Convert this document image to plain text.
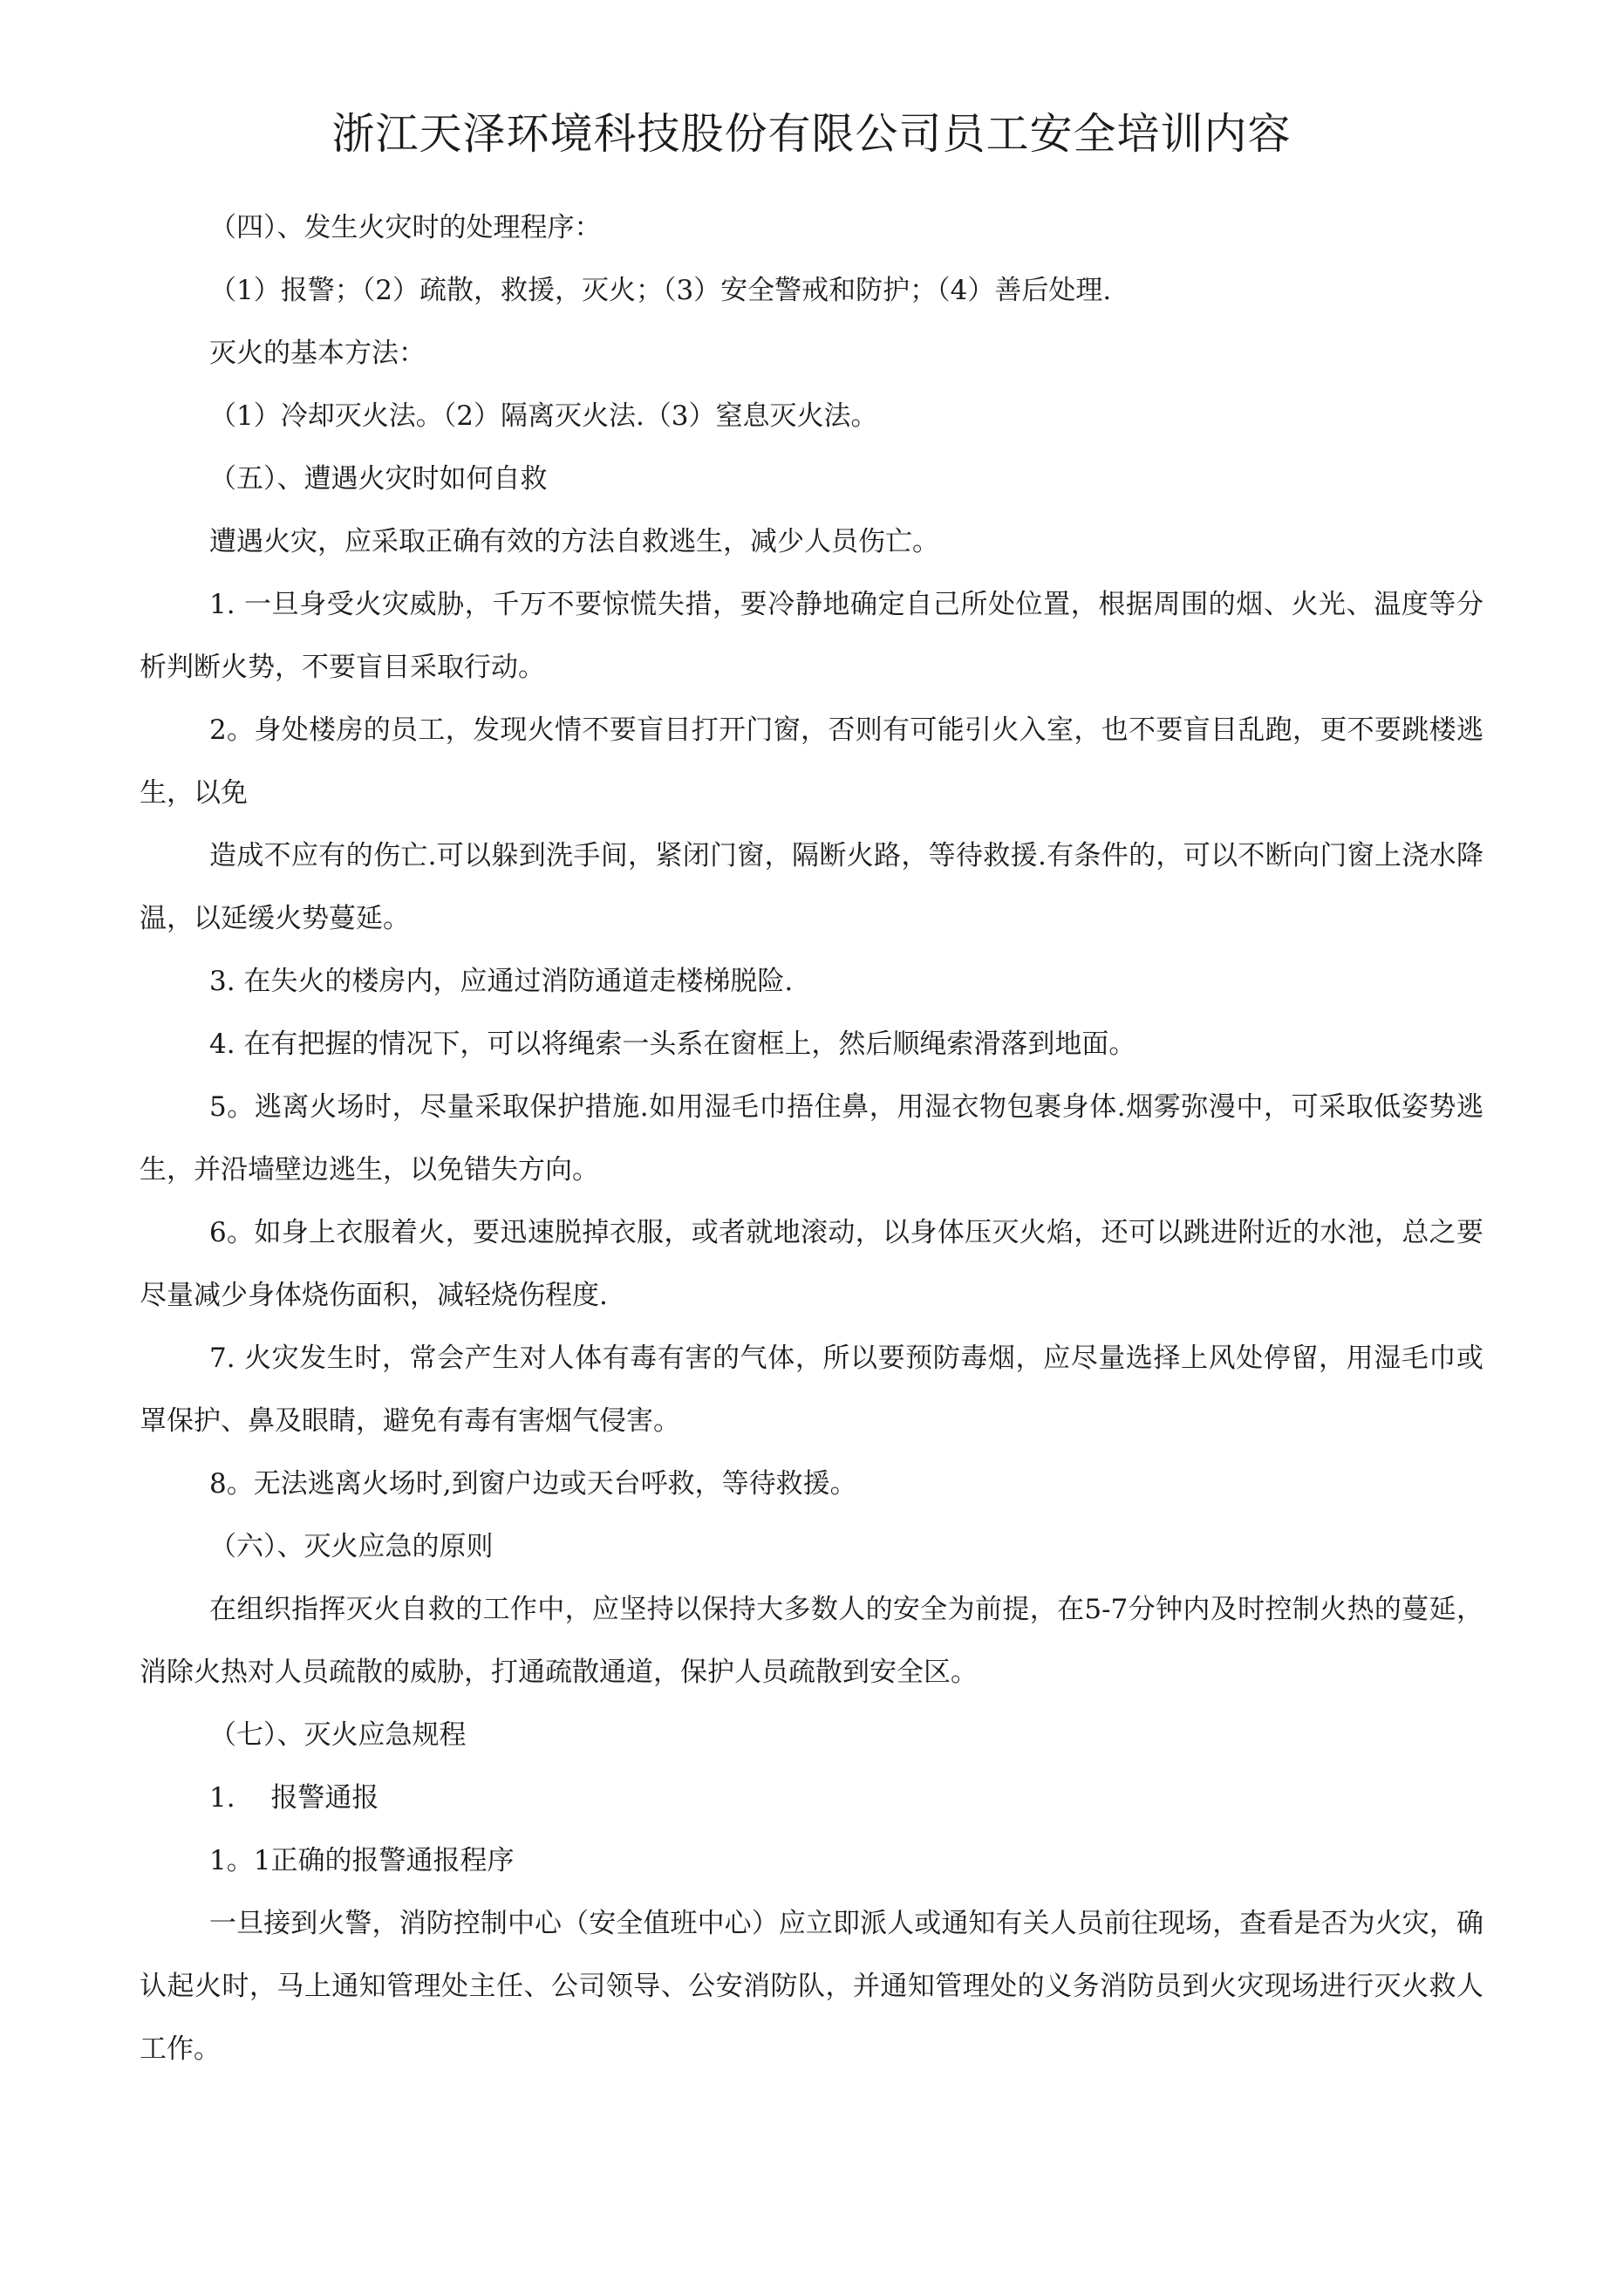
浙江天泽环境科技股份有限公司员工安全培训内容

（四）、发生火灾时的处理程序：

（1）报警；（2）疏散，救援，灭火；（3）安全警戒和防护；（4）善后处理.

灭火的基本方法：

（1）冷却灭火法。（2）隔离灭火法.（3）窒息灭火法。

（五）、遭遇火灾时如何自救

遭遇火灾，应采取正确有效的方法自救逃生，减少人员伤亡。

1. 一旦身受火灾威胁，千万不要惊慌失措，要冷静地确定自己所处位置，根据周围的烟、火光、温度等分析判断火势，不要盲目采取行动。

2。身处楼房的员工，发现火情不要盲目打开门窗，否则有可能引火入室，也不要盲目乱跑，更不要跳楼逃生，以免

造成不应有的伤亡.可以躲到洗手间，紧闭门窗，隔断火路，等待救援.有条件的，可以不断向门窗上浇水降温，以延缓火势蔓延。

3. 在失火的楼房内，应通过消防通道走楼梯脱险.

4. 在有把握的情况下，可以将绳索一头系在窗框上，然后顺绳索滑落到地面。

5。逃离火场时，尽量采取保护措施.如用湿毛巾捂住鼻，用湿衣物包裹身体.烟雾弥漫中，可采取低姿势逃生，并沿墙壁边逃生，以免错失方向。

6。如身上衣服着火，要迅速脱掉衣服，或者就地滚动，以身体压灭火焰，还可以跳进附近的水池，总之要尽量减少身体烧伤面积，减轻烧伤程度.

7. 火灾发生时，常会产生对人体有毒有害的气体，所以要预防毒烟，应尽量选择上风处停留，用湿毛巾或罩保护、鼻及眼睛，避免有毒有害烟气侵害。

8。无法逃离火场时,到窗户边或天台呼救，等待救援。

（六）、灭火应急的原则

在组织指挥灭火自救的工作中，应坚持以保持大多数人的安全为前提，在5-7分钟内及时控制火热的蔓延，消除火热对人员疏散的威胁，打通疏散通道，保护人员疏散到安全区。

（七）、灭火应急规程

1.　 报警通报

1。1正确的报警通报程序

一旦接到火警，消防控制中心（安全值班中心）应立即派人或通知有关人员前往现场，查看是否为火灾，确认起火时，马上通知管理处主任、公司领导、公安消防队，并通知管理处的义务消防员到火灾现场进行灭火救人工作。
